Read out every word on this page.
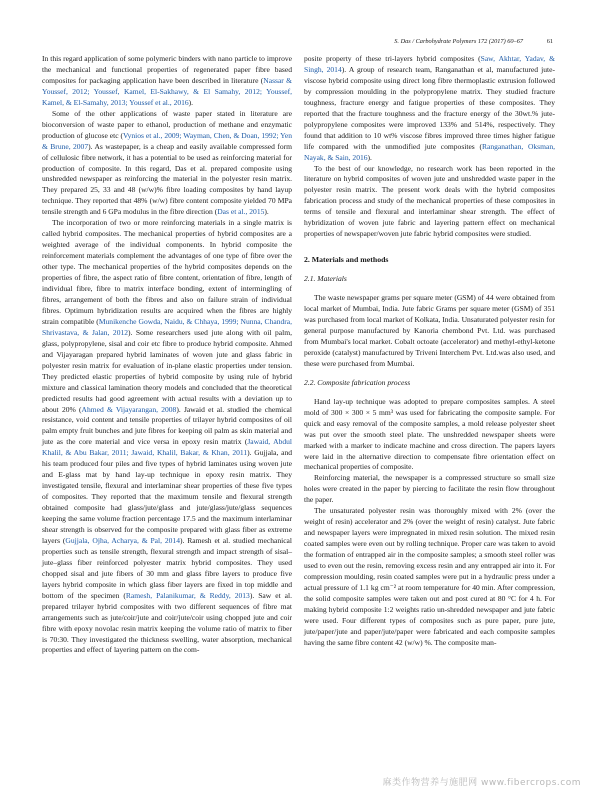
S. Das / Carbohydrate Polymers 172 (2017) 60–67	61

In this regard application of some polymeric binders with nano particle to improve the mechanical and functional properties of regenerated paper fibre based composites for packaging application have been described in literature (Nassar & Youssef, 2012; Youssef, Kamel, El-Sakhawy, & El Samahy, 2012; Youssef, Kamel, & El-Samahy, 2013; Youssef et al., 2016).

Some of the other applications of waste paper stated in literature are bioconversion of waste paper to ethanol, production of methane and enzymatic production of glucose etc (Vynios et al., 2009; Wayman, Chen, & Doan, 1992; Yen & Brune, 2007). As wastepaper, is a cheap and easily available compressed form of cellulosic fibre network, it has a potential to be used as reinforcing material for production of composite. In this regard, Das et al. prepared composite using unshredded newspaper as reinforcing the material in the polyester resin matrix. They prepared 25, 33 and 48 (w/w)% fibre loading composites by hand layup technique. They reported that 48% (w/w) fibre content composite yielded 70 MPa tensile strength and 6 GPa modulus in the fibre direction (Das et al., 2015).

The incorporation of two or more reinforcing materials in a single matrix is called hybrid composites. The mechanical properties of hybrid composites are a weighted average of the individual components. In hybrid composite the reinforcement materials complement the advantages of one type of fibre over the other type. The mechanical properties of the hybrid composites depends on the properties of fibre, the aspect ratio of fibre content, orientation of fibre, length of individual fibre, fibre to matrix interface bonding, extent of intermingling of fibres, arrangement of both the fibres and also on failure strain of individual fibres. Optimum hybridization results are acquired when the fibres are highly strain compatible (Munikenche Gowda, Naidu, & Chhaya, 1999; Nunna, Chandra, Shrivastava, & Jalan, 2012). Some researchers used jute along with oil palm, glass, polypropylene, sisal and coir etc fibre to produce hybrid composite. Ahmed and Vijayaragan prepared hybrid laminates of woven jute and glass fabric in polyester resin matrix for evaluation of in-plane elastic properties under tension. They predicted elastic properties of hybrid composite by using rule of hybrid mixture and classical lamination theory models and concluded that the theoretical predicted results had good agreement with actual results with a deviation up to about 20% (Ahmed & Vijayarangan, 2008). Jawaid et al. studied the chemical resistance, void content and tensile properties of trilayer hybrid composites of oil palm empty fruit bunches and jute fibres for keeping oil palm as skin material and jute as the core material and vice versa in epoxy resin matrix (Jawaid, Abdul Khalil, & Abu Bakar, 2011; Jawaid, Khalil, Bakar, & Khan, 2011). Gujjala, and his team produced four piles and five types of hybrid laminates using woven jute and E-glass mat by hand lay-up technique in epoxy resin matrix. They investigated tensile, flexural and interlaminar shear properties of these five types of composites. They reported that the maximum tensile and flexural strength obtained composite had glass/jute/glass and jute/glass/jute/glass sequences keeping the same volume fraction percentage 17.5 and the maximum interlaminar shear strength is observed for the composite prepared with glass fiber as extreme layers (Gujjala, Ojha, Acharya, & Pal, 2014). Ramesh et al. studied mechanical properties such as tensile strength, flexural strength and impact strength of sisal–jute–glass fiber reinforced polyester matrix hybrid composites. They used chopped sisal and jute fibers of 30 mm and glass fibre layers to produce five layers hybrid composite in which glass fiber layers are fixed in top middle and bottom of the specimen (Ramesh, Palanikumar, & Reddy, 2013). Saw et al. prepared trilayer hybrid composites with two different sequences of fibre mat arrangements such as jute/coir/jute and coir/jute/coir using chopped jute and coir fibre with epoxy novolac resin matrix keeping the volume ratio of matrix to fiber is 70:30. They investigated the thickness swelling, water absorption, mechanical properties and effect of layering pattern on the com-

posite property of these tri-layers hybrid composites (Saw, Akhtar, Yadav, & Singh, 2014). A group of research team, Ranganathan et al, manufactured jute-viscose hybrid composite using direct long fibre thermoplastic extrusion followed by compression moulding in the polypropylene matrix. They studied fracture toughness, fracture energy and fatigue properties of these composites. They reported that the fracture toughness and the fracture energy of the 30wt.% jute-polypropylene composites were improved 133% and 514%, respectively. They found that addition to 10 wt% viscose fibres improved three times higher fatigue life compared with the unmodified jute composites (Ranganathan, Oksman, Nayak, & Sain, 2016).

To the best of our knowledge, no research work has been reported in the literature on hybrid composites of woven jute and unshredded waste paper in the polyester resin matrix. The present work deals with the hybrid composites fabrication process and study of the mechanical properties of these composites in terms of tensile and flexural and interlaminar shear strength. The effect of hybridization of woven jute fabric and layering pattern effect on mechanical properties of newspaper/woven jute fabric hybrid composites were studied.

2. Materials and methods
2.1. Materials

The waste newspaper grams per square meter (GSM) of 44 were obtained from local market of Mumbai, India. Jute fabric Grams per square meter (GSM) of 351 was purchased from local market of Kolkata, India. Unsaturated polyester resin for general purpose manufactured by Kanoria chembond Pvt. Ltd. was purchased from Mumbai's local market. Cobalt octoate (accelerator) and methyl-ethyl-ketone peroxide (catalyst) manufactured by Triveni Interchem Pvt. Ltd.was also used, and these were purchased from Mumbai.

2.2. Composite fabrication process

Hand lay-up technique was adopted to prepare composites samples. A steel mold of 300 × 300 × 5 mm³ was used for fabricating the composite sample. For quick and easy removal of the composite samples, a mold release polyester sheet was put over the smooth steel plate. The unshredded newspaper sheets were marked with a marker to indicate machine and cross direction. The papers layers were laid in the alternative direction to compensate fibre orientation effect on mechanical properties of composite.

Reinforcing material, the newspaper is a compressed structure so small size holes were created in the paper by piercing to facilitate the resin flow throughout the paper.

The unsaturated polyester resin was thoroughly mixed with 2% (over the weight of resin) accelerator and 2% (over the weight of resin) catalyst. Jute fabric and newspaper layers were impregnated in mixed resin solution. The mixed resin coated samples were even out by rolling technique. Proper care was taken to avoid the formation of entrapped air in the composite samples; a smooth steel roller was used to even out the resin, removing excess resin and any entrapped air into it. For compression moulding, resin coated samples were put in a hydraulic press under a actual pressure of 1.1 kg cm⁻² at room temperature for 40 min. After compression, the solid composite samples were taken out and post cured at 80 °C for 4 h. For making hybrid composite 1:2 weights ratio un-shredded newspaper and jute fabric were used. Four different types of composites such as pure paper, pure jute, jute/paper/jute and paper/jute/paper were fabricated and each composite samples having the same fibre content 42 (w/w) %. The composite man-

麻类作物营养与施肥网 www.fibercrops.com
